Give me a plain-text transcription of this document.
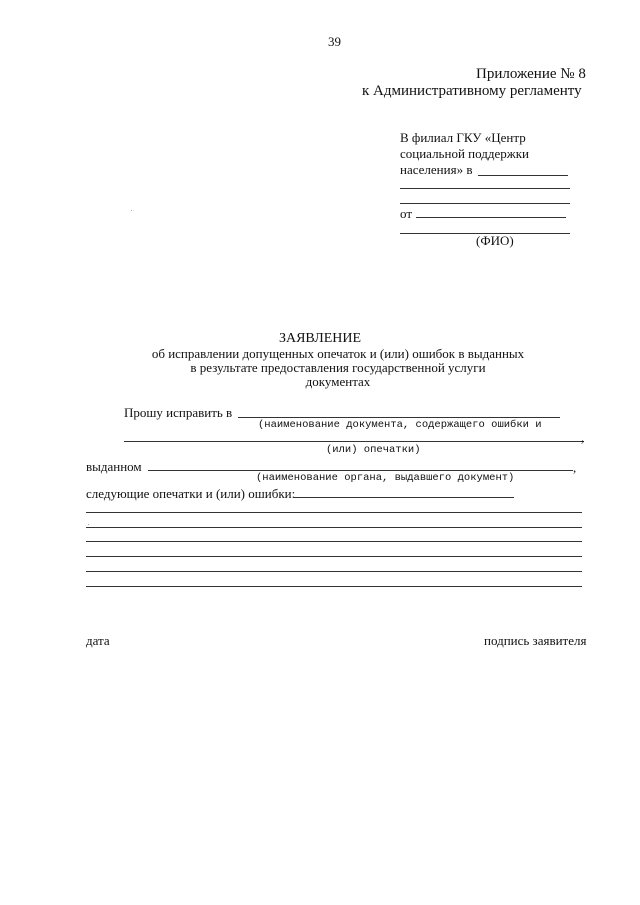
39
Приложение № 8
к Административному регламенту
В филиал ГКУ «Центр
социальной поддержки
населения» в
от
(ФИО)
ЗАЯВЛЕНИЕ
об исправлении допущенных опечаток и (или) ошибок в выданных
в результате предоставления государственной услуги
документах
Прошу исправить в
(наименование документа, содержащего ошибки и
,
(или) опечатки)
выданном	,
(наименование органа, выдавшего документ)
следующие опечатки и (или) ошибки:
дата	подпись заявителя
